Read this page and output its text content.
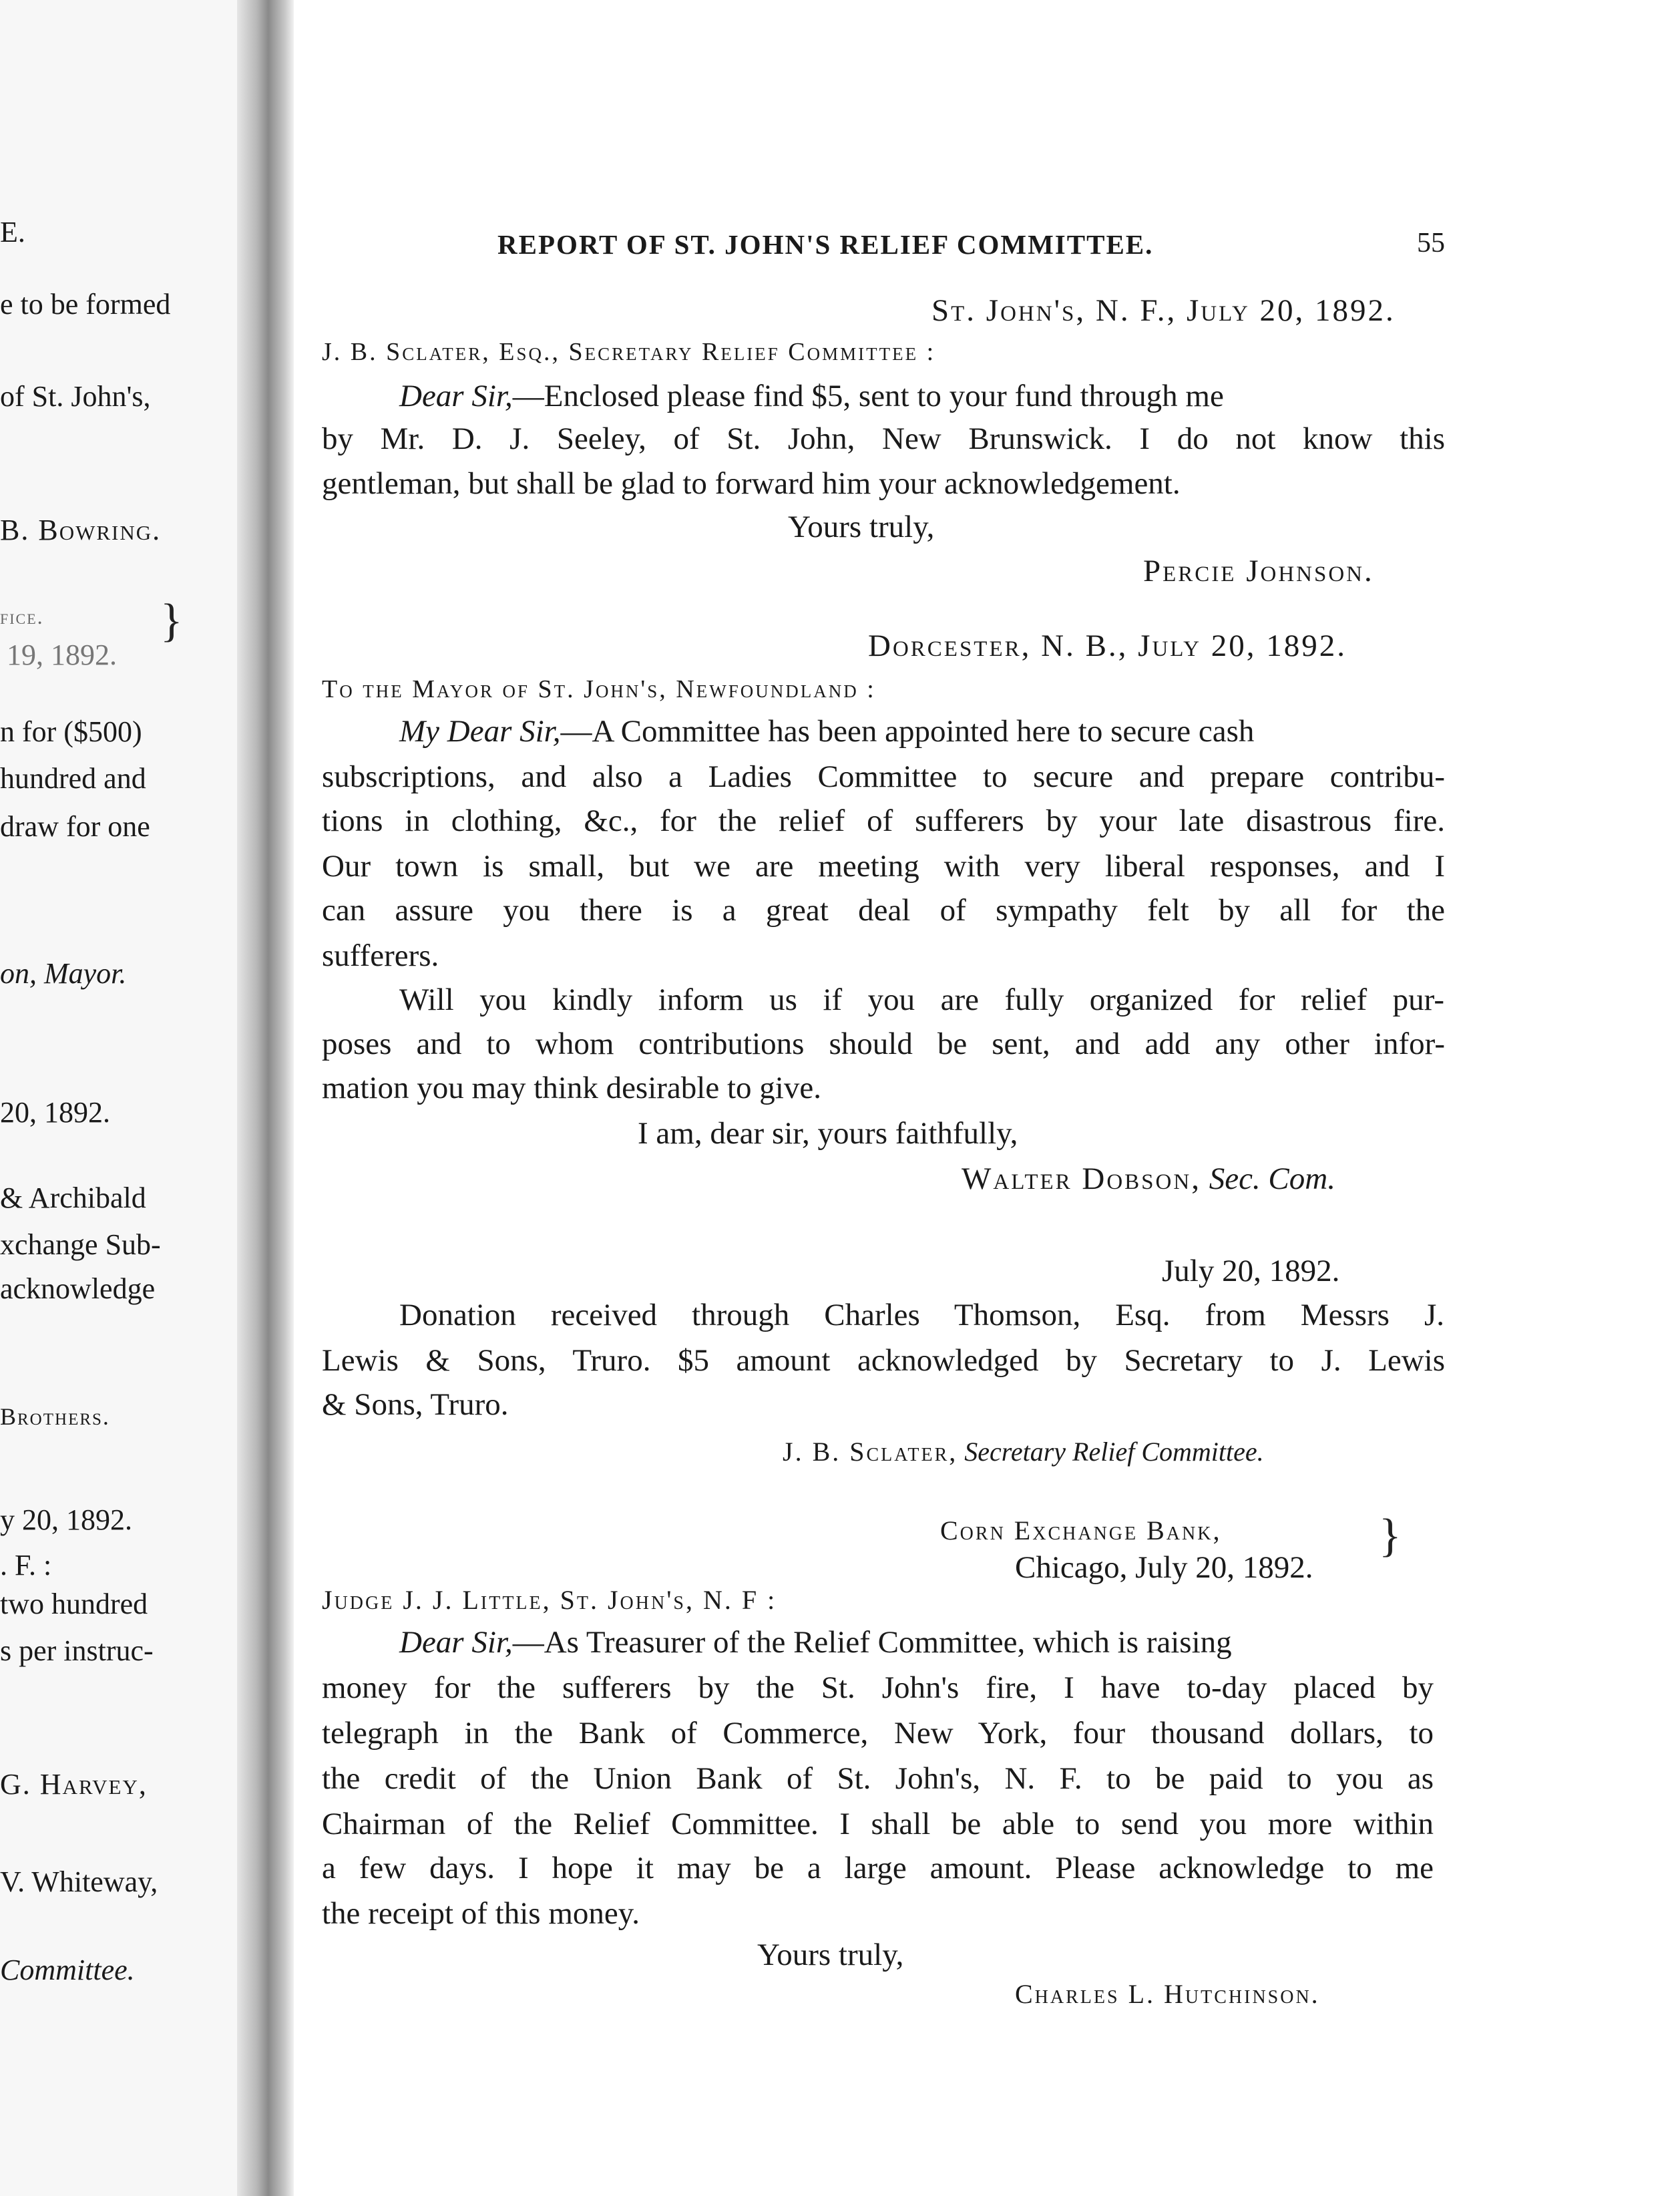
E.
e to be formed
of St. John's,
B. Bowring.
fice.
19, 1892.
n for ($500)
hundred and
draw for one
on, Mayor.
20, 1892.
& Archibald
xchange Sub-
acknowledge
Brothers.
y 20, 1892.
. F. :
two hundred
s per instruc-
G. Harvey,
V. Whiteway,
Committee.
}
REPORT OF ST. JOHN'S RELIEF COMMITTEE.	55
St. John's, N. F., July 20, 1892.
J. B. Sclater, Esq., Secretary Relief Committee :
Dear Sir,—Enclosed please find $5, sent to your fund through me
by Mr. D. J. Seeley, of St. John, New Brunswick. I do not know this
gentleman, but shall be glad to forward him your acknowledgement.
Yours truly,
Percie Johnson.
Dorcester, N. B., July 20, 1892.
To the Mayor of St. John's, Newfoundland :
My Dear Sir,—A Committee has been appointed here to secure cash
subscriptions, and also a Ladies Committee to secure and prepare contribu-
tions in clothing, &c., for the relief of sufferers by your late disastrous fire.
Our town is small, but we are meeting with very liberal responses, and I
can assure you there is a great deal of sympathy felt by all for the
sufferers.
Will you kindly inform us if you are fully organized for relief pur-
poses and to whom contributions should be sent, and add any other infor-
mation you may think desirable to give.
I am, dear sir, yours faithfully,
Walter Dobson, Sec. Com.
July 20, 1892.
Donation received through Charles Thomson, Esq. from Messrs J.
Lewis & Sons, Truro. $5 amount acknowledged by Secretary to J. Lewis
& Sons, Truro.
J. B. Sclater, Secretary Relief Committee.
Corn Exchange Bank,
Chicago, July 20, 1892.
}
Judge J. J. Little, St. John's, N. F :
Dear Sir,—As Treasurer of the Relief Committee, which is raising
money for the sufferers by the St. John's fire, I have to-day placed by
telegraph in the Bank of Commerce, New York, four thousand dollars, to
the credit of the Union Bank of St. John's, N. F. to be paid to you as
Chairman of the Relief Committee. I shall be able to send you more within
a few days. I hope it may be a large amount. Please acknowledge to me
the receipt of this money.
Yours truly,
Charles L. Hutchinson.
